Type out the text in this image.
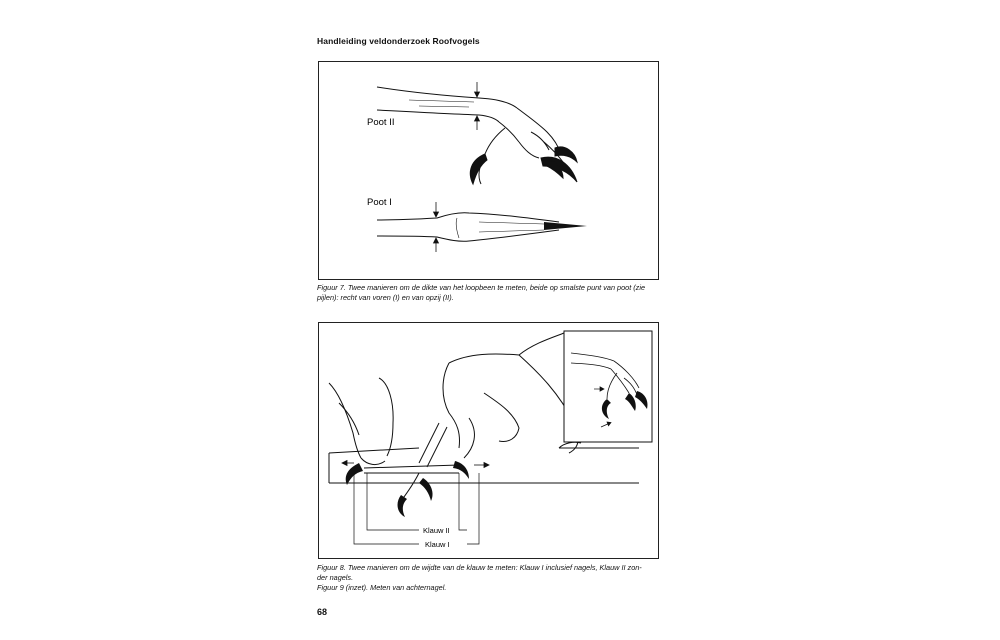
Handleiding veldonderzoek Roofvogels
Poot II
Poot I
Figuur 7. Twee manieren om de dikte van het loopbeen te meten, beide op smalste punt van poot (zie
pijlen): recht van voren (I) en van opzij (II).
Klauw II
Klauw I
Figuur 8. Twee manieren om de wijdte van de klauw te meten: Klauw I inclusief nagels, Klauw II zon-
der nagels.
Figuur 9 (inzet). Meten van achternagel.
68
